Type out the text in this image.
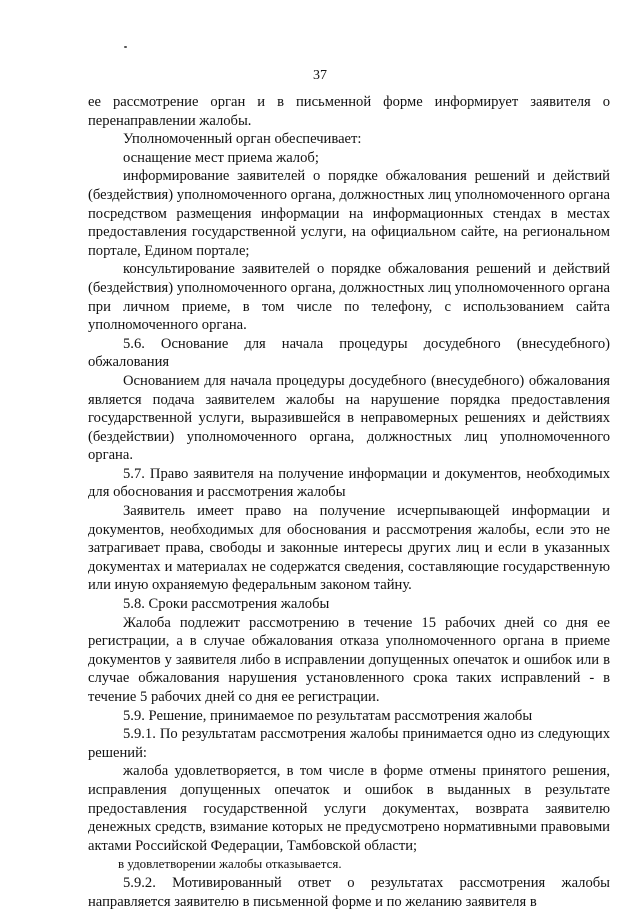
37

ее рассмотрение орган и в письменной форме информирует заявителя о перенаправлении жалобы.

Уполномоченный орган обеспечивает:

оснащение мест приема жалоб;

информирование заявителей о порядке обжалования решений и действий (бездействия) уполномоченного органа, должностных лиц уполномоченного органа посредством размещения информации на информационных стендах в местах предоставления государственной услуги, на официальном сайте, на региональном портале, Едином портале;

консультирование заявителей о порядке обжалования решений и действий (бездействия) уполномоченного органа, должностных лиц уполномоченного органа при личном приеме, в том числе по телефону, с использованием сайта уполномоченного органа.

5.6. Основание для начала процедуры досудебного (внесудебного) обжалования

Основанием для начала процедуры досудебного (внесудебного) обжалования является подача заявителем жалобы на нарушение порядка предоставления государственной услуги, выразившейся в неправомерных решениях и действиях (бездействии) уполномоченного органа, должностных лиц уполномоченного органа.

5.7. Право заявителя на получение информации и документов, необходимых для обоснования и рассмотрения жалобы

Заявитель имеет право на получение исчерпывающей информации и документов, необходимых для обоснования и рассмотрения жалобы, если это не затрагивает права, свободы и законные интересы других лиц и если в указанных документах и материалах не содержатся сведения, составляющие государственную или иную охраняемую федеральным законом тайну.

5.8. Сроки рассмотрения жалобы

Жалоба подлежит рассмотрению в течение 15 рабочих дней со дня ее регистрации, а в случае обжалования отказа уполномоченного органа в приеме документов у заявителя либо в исправлении допущенных опечаток и ошибок или в случае обжалования нарушения установленного срока таких исправлений - в течение 5 рабочих дней со дня ее регистрации.

5.9. Решение, принимаемое по результатам рассмотрения жалобы

5.9.1. По результатам рассмотрения жалобы принимается одно из следующих решений:

жалоба удовлетворяется, в том числе в форме отмены принятого решения, исправления допущенных опечаток и ошибок в выданных в результате предоставления государственной услуги документах, возврата заявителю денежных средств, взимание которых не предусмотрено нормативными правовыми актами Российской Федерации, Тамбовской области;

в удовлетворении жалобы отказывается.

5.9.2. Мотивированный ответ о результатах рассмотрения жалобы направляется заявителю в письменной форме и по желанию заявителя в
